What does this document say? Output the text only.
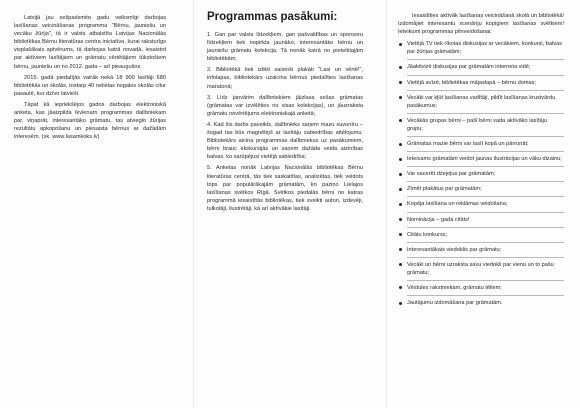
Latvijā jau sešpadsmito gadu veiksmīgi darbojas lasīšanas veicināšanas programma "Bērnu, jauniešu un vecāku žūrija", tā ir valsts atbalstīta Latvijas Nacionālās bibliotēkas Bērnu literatūras centra iniciatīva, kurai raksturīgs visplašākais aptvērums, tā darbojas katrā novadā, iesaistot par aktīviem lasītājiem un grāmatu vērtētājiem tūkstošiem bērnu, jauniešu un no 2012. gada – arī pieaugušos.

2015. gadā piedalījās vairāk nekā 18 900 lasītāji 680 bibliotēkās un skolās, tostarp 40 nelielas nogales skolās citur pasaulē, kur dzīvo latvieši.

Tāpat kā iepriekšējos gados darbojas elektroniskā anketa, kas jāaizpilda ikvienam programmas dalībniekam par, viņaprāt, interesantāko grāmatu, tas atvieglo žūrijas rezultātu apkopošanu un piesaista bērnus ar dažādām interesēm. (sk. www.lasamkoks.lv)

Programmas pasākumi:

1. Gan par valsts līdzekļiem, gan pašvaldības un sponsoru līdzekļiem tiek nopirkta jaunāko, interesantāko bērnu un jauniešu grāmatu kolekcija. Tā nonāk katrā no pieteiktajām bibliotēkām;

2. Bibliotēkā tiek izlikti saistoši plakāti "Lasi un vērtē!", infolapas, bibliotekārs uzaicina bērnus piedalīties lasīšanas maratonā;

3. Līdz janvārim dalībniekiem jāizlasa sešas grāmatas (grāmatas var izvēlēties no visas kolekcijas), un jāuzraksta grāmatu novērtējums elektroniskajā anketā;

4. Kad šis darbs paveikts, dalībnieks saņem mazu suvenīru – šogad tas būs magnētiņš ar lasītāju sabiedrības attēlojumu. Bibliotekārs aicina programmas dalībniekus uz pasākumiem, bērni brauc ekskursijās un saņem dažāda veida atzinības balvas, ko sarūpējusi vietējā sabiedrība;

5. Anketas nonāk Latvijas Nacionālās bibliotēkas Bērnu literatūras centrā, tās tiek saskaitītas, analizētas, tiek veidots tops par populārākajām grāmatām, ko paziņo Lielajos lasīšanas svētkos Rīgā. Svētkos piedalās bērni no katras programmā iesaistītās bibliotēkas, tiek sveikti autori, izdevēji, tulkotāji, ilustrētāji, kā arī aktīvākie lasītāji.

Iesaistīties aktīvāk lasīšanas veicināšanā skolā un bibliotēkā! Izdomājiet interesantu scenāriju kopīgiem lasīšanas svētkiem! Ieteikumi programmas pilnveidošanai:

Vietējā TV tiek rīkotas diskusijas ar vecākiem, konkursi, balvas par žūrijas grāmatām;
Jāaktivizē diskusijas par grāmatām interneta vidē;
Vietējā avīzē, bibliotēkas mājaslapā – bērnu domas;
Vecāki var kļūt lasīšanas vadītāji, pildīt lasīšanas krustvārdu pasākumus;
Vecākās grupas bērni – pašī bērni vada aktīvāko lasītāju grupu;
Grāmatas mazie bērni var lasīt kopā un pārrunāt;
Ieteicams grāmatām veidot jaunas ilustrācijas un vāku dizainu;
Var sacerēt dzejoļus par grāmatām;
Zīmēt plakātus par grāmatām;
Kopēja lasīšana un reklāmas veidošana;
Nominācija – gada citāts!
Citātu konkurss;
Interesantākais viedoklis par grāmatu;
Vecāki un bērni uzraksta savu viedokli par vienu un to pašu grāmatu;
Vēstules rakstniekam, grāmatu tēliem;
Jautājumu izdomāšana par grāmatām.
